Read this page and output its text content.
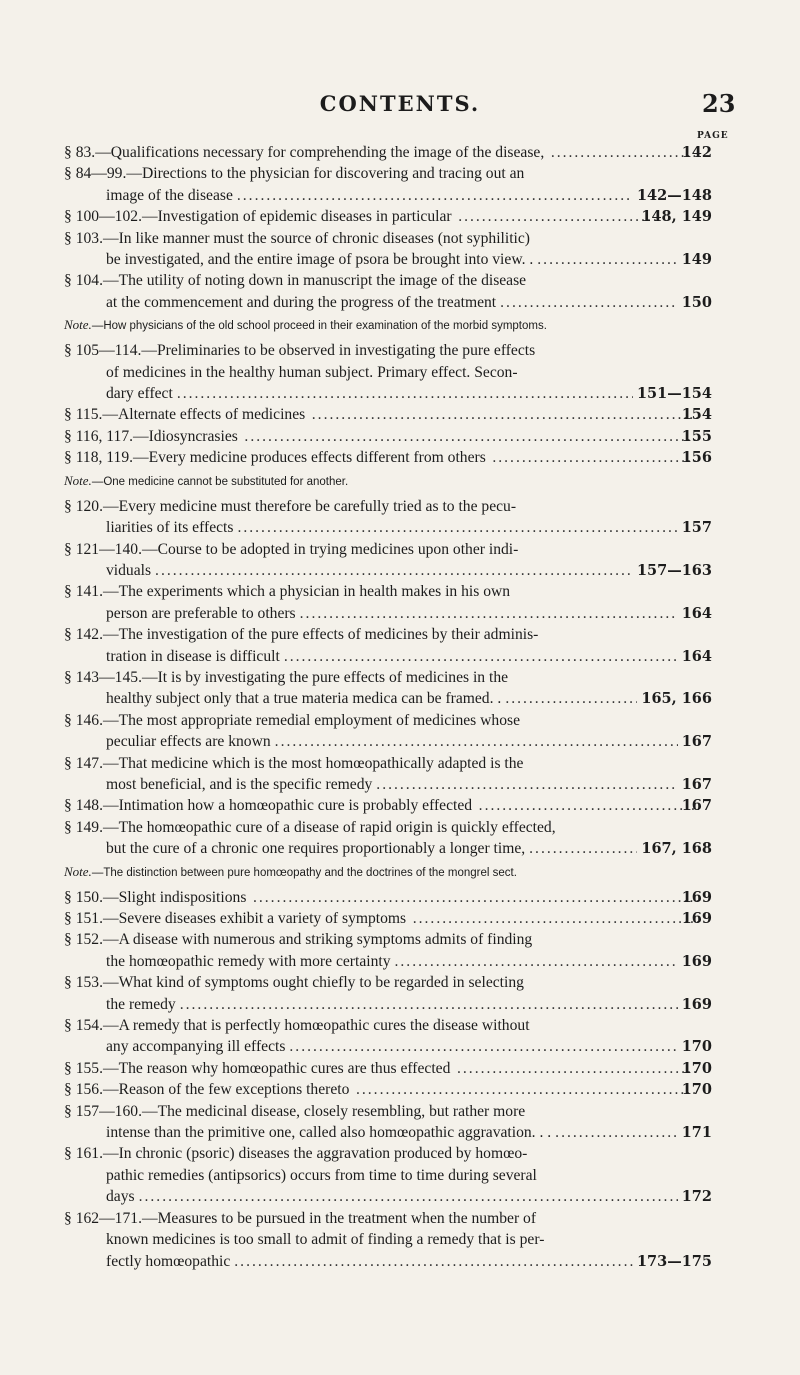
CONTENTS.	23
PAGE
§ 83.—Qualifications necessary for comprehending the image of the disease, .....	142
§ 84—99.—Directions to the physician for discovering and tracing out an
image of the disease .....	142—148
§ 100—102.—Investigation of epidemic diseases in particular .....	148, 149
§ 103.—In like manner must the source of chronic diseases (not syphilitic)
be investigated, and the entire image of psora be brought into view. . .....	149
§ 104.—The utility of noting down in manuscript the image of the disease
at the commencement and during the progress of the treatment .....	150
Note.—How physicians of the old school proceed in their examination of the morbid symptoms.
§ 105—114.—Preliminaries to be observed in investigating the pure effects
of medicines in the healthy human subject. Primary effect. Secon-
dary effect .....	151—154
§ 115.—Alternate effects of medicines .....	154
§ 116, 117.—Idiosyncrasies .....	155
§ 118, 119.—Every medicine produces effects different from others .....	156
Note.—One medicine cannot be substituted for another.
§ 120.—Every medicine must therefore be carefully tried as to the pecu-
liarities of its effects .....	157
§ 121—140.—Course to be adopted in trying medicines upon other indi-
viduals .....	157—163
§ 141.—The experiments which a physician in health makes in his own
person are preferable to others .....	164
§ 142.—The investigation of the pure effects of medicines by their adminis-
tration in disease is difficult .....	164
§ 143—145.—It is by investigating the pure effects of medicines in the
healthy subject only that a true materia medica can be framed. . .....	165, 166
§ 146.—The most appropriate remedial employment of medicines whose
peculiar effects are known .....	167
§ 147.—That medicine which is the most homœopathically adapted is the
most beneficial, and is the specific remedy .....	167
§ 148.—Intimation how a homœopathic cure is probably effected .....	167
§ 149.—The homœopathic cure of a disease of rapid origin is quickly effected,
but the cure of a chronic one requires proportionably a longer time, .....	167, 168
Note.—The distinction between pure homœopathy and the doctrines of the mongrel sect.
§ 150.—Slight indispositions .....	169
§ 151.—Severe diseases exhibit a variety of symptoms .....	169
§ 152.—A disease with numerous and striking symptoms admits of finding
the homœopathic remedy with more certainty .....	169
§ 153.—What kind of symptoms ought chiefly to be regarded in selecting
the remedy .....	169
§ 154.—A remedy that is perfectly homœopathic cures the disease without
any accompanying ill effects .....	170
§ 155.—The reason why homœopathic cures are thus effected .....	170
§ 156.—Reason of the few exceptions thereto .....	170
§ 157—160.—The medicinal disease, closely resembling, but rather more
intense than the primitive one, called also homœopathic aggravation. . . .....	171
§ 161.—In chronic (psoric) diseases the aggravation produced by homœo-
pathic remedies (antipsorics) occurs from time to time during several
days .....	172
§ 162—171.—Measures to be pursued in the treatment when the number of
known medicines is too small to admit of finding a remedy that is per-
fectly homœopathic .....	173—175
